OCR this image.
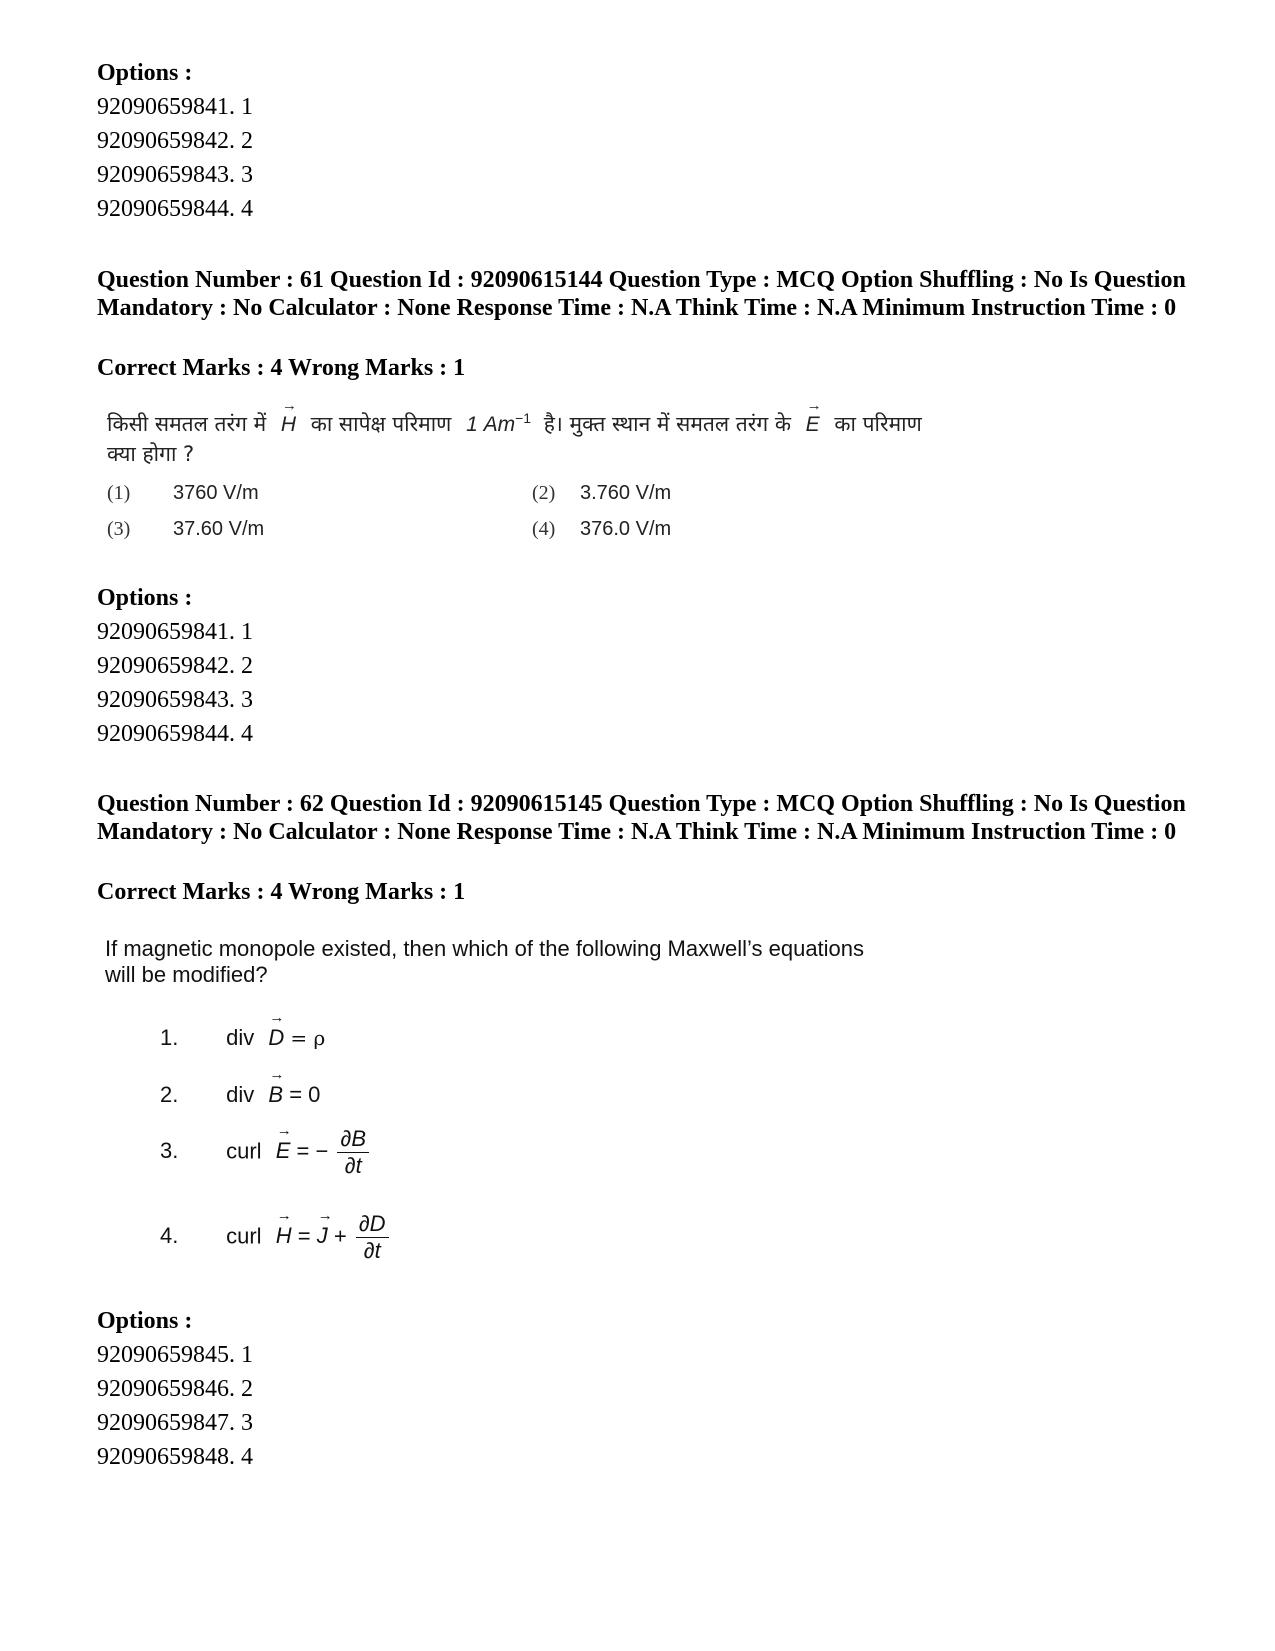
Options :
92090659841. 1
92090659842. 2
92090659843. 3
92090659844. 4
Question Number : 61 Question Id : 92090615144 Question Type : MCQ Option Shuffling : No Is Question Mandatory : No Calculator : None Response Time : N.A Think Time : N.A Minimum Instruction Time : 0
Correct Marks : 4 Wrong Marks : 1
किसी समतल तरंग में → H का सापेक्ष परिमाण 1 $Am^{-1}$ है। मुक्त स्थान में समतल तरंग के → E का परिमाण
क्या होगा ?
(1) 3760 V/m	(2) 3.760 V/m
(3) 37.60 V/m	(4) 376.0 V/m
Options :
92090659841. 1
92090659842. 2
92090659843. 3
92090659844. 4
Question Number : 62 Question Id : 92090615145 Question Type : MCQ Option Shuffling : No Is Question Mandatory : No Calculator : None Response Time : N.A Think Time : N.A Minimum Instruction Time : 0
Correct Marks : 4 Wrong Marks : 1
If magnetic monopole existed, then which of the following Maxwell’s equations
will be modified?
1. div → D = ρ
2. div → B = 0
3. curl → E = − $\frac{\partial B}{\partial t}$
4. curl → H = → $J + \frac{\partial D}{\partial t}$
Options :
92090659845. 1
92090659846. 2
92090659847. 3
92090659848. 4
